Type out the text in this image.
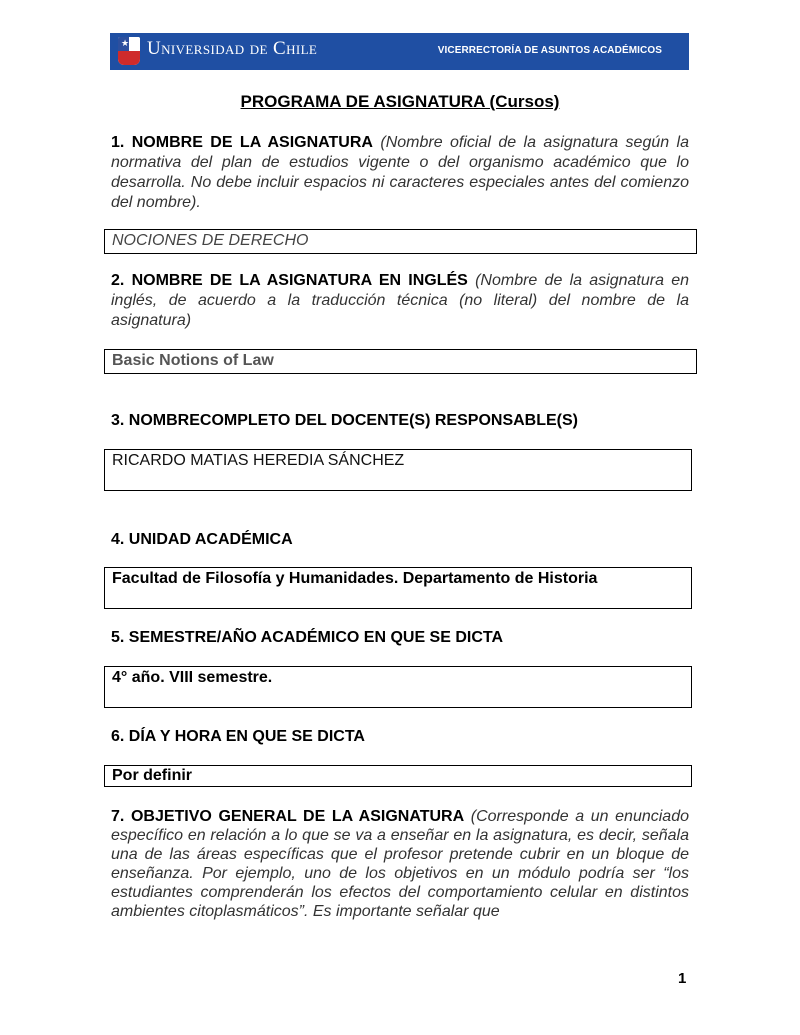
★ Universidad de Chile	VICERRECTORÍA DE ASUNTOS ACADÉMICOS
PROGRAMA DE ASIGNATURA (Cursos)
1. NOMBRE DE LA ASIGNATURA (Nombre oficial de la asignatura según la normativa del plan de estudios vigente o del organismo académico que lo desarrolla. No debe incluir espacios ni caracteres especiales antes del comienzo del nombre).
NOCIONES DE DERECHO
2. NOMBRE DE LA ASIGNATURA EN INGLÉS (Nombre de la asignatura en inglés, de acuerdo a la traducción técnica (no literal) del nombre de la asignatura)
Basic Notions of Law
3. NOMBRECOMPLETO DEL DOCENTE(S) RESPONSABLE(S)
RICARDO MATIAS HEREDIA SÁNCHEZ
4. UNIDAD ACADÉMICA
Facultad de Filosofía y Humanidades. Departamento de Historia
5. SEMESTRE/AÑO ACADÉMICO EN QUE SE DICTA
4° año. VIII semestre.
6. DÍA Y HORA EN QUE SE DICTA
Por definir
7. OBJETIVO GENERAL DE LA ASIGNATURA (Corresponde a un enunciado específico en relación a lo que se va a enseñar en la asignatura, es decir, señala una de las áreas específicas que el profesor pretende cubrir en un bloque de enseñanza. Por ejemplo, uno de los objetivos en un módulo podría ser “los estudiantes comprenderán los efectos del comportamiento celular en distintos ambientes citoplasmáticos”. Es importante señalar que
1
